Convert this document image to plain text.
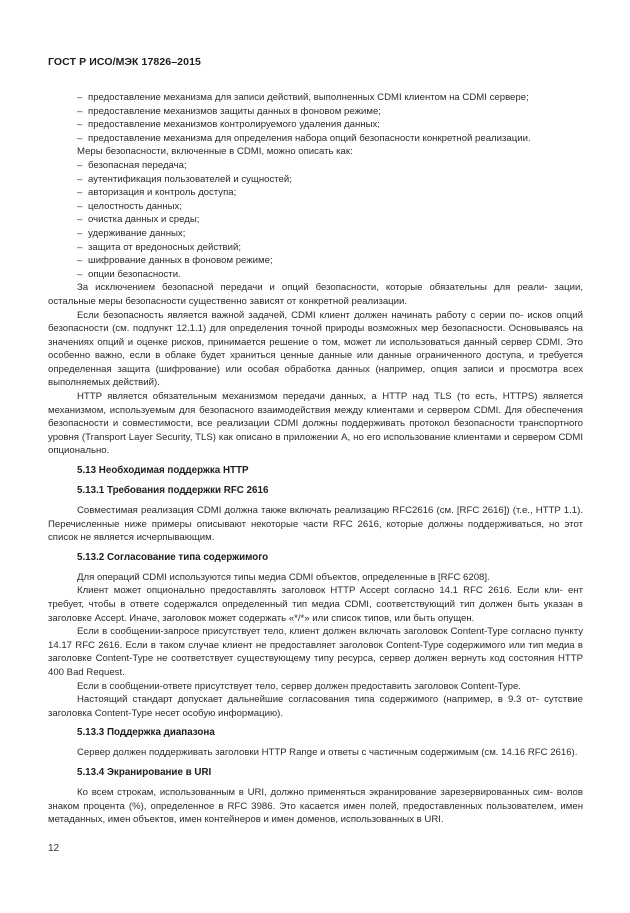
ГОСТ Р ИСО/МЭК 17826–2015
– предоставление механизма для записи действий, выполненных CDMI клиентом на CDMI сервере;
– предоставление механизмов защиты данных в фоновом режиме;
– предоставление механизмов контролируемого удаления данных;
– предоставление механизма для определения набора опций безопасности конкретной реализации.

Меры безопасности, включенные в CDMI, можно описать как:

– безопасная передача;
– аутентификация пользователей и сущностей;
– авторизация и контроль доступа;
– целостность данных;
– очистка данных и среды;
– удерживание данных;
– защита от вредоносных действий;
– шифрование данных в фоновом режиме;
– опции безопасности.

За исключением безопасной передачи и опций безопасности, которые обязательны для реали- зации, остальные меры безопасности существенно зависят от конкретной реализации.

Если безопасность является важной задачей, CDMI клиент должен начинать работу с серии по- исков опций безопасности (см. подпункт 12.1.1) для определения точной природы возможных мер безопасности. Основываясь на значениях опций и оценке рисков, принимается решение о том, может ли использоваться данный сервер CDMI. Это особенно важно, если в облаке будет храниться ценные данные или данные ограниченного доступа, и требуется определенная защита (шифрование) или особая обработка данных (например, опция записи и просмотра всех выполняемых действий).

HTTP является обязательным механизмом передачи данных, а HTTP над TLS (то есть, HTTPS) является механизмом, используемым для безопасного взаимодействия между клиентами и сервером CDMI. Для обеспечения безопасности и совместимости, все реализации CDMI должны поддерживать протокол безопасности транспортного уровня (Transport Layer Security, TLS) как описано в приложении А, но его использование клиентами и сервером CDMI опционально.

5.13 Необходимая поддержка HTTP
5.13.1 Требования поддержки RFC 2616

Совместимая реализация CDMI должна также включать реализацию RFC2616 (см. [RFC 2616]) (т.е., HTTP 1.1). Перечисленные ниже примеры описывают некоторые части RFC 2616, которые должны поддерживаться, но этот список не является исчерпывающим.

5.13.2 Согласование типа содержимого

Для операций CDMI используются типы медиа CDMI объектов, определенные в [RFC 6208].

Клиент может опционально предоставлять заголовок HTTP Accept согласно 14.1 RFC 2616. Если кли- ент требует, чтобы в ответе содержался определенный тип медиа CDMI, соответствующий тип должен быть указан в заголовке Accept. Иначе, заголовок может содержать «*/*» или список типов, или быть опущен.

Если в сообщении-запросе присутствует тело, клиент должен включать заголовок Content-Type согласно пункту 14.17 RFC 2616. Если в таком случае клиент не предоставляет заголовок Content-Type содержимого или тип медиа в заголовке Content-Type не соответствует существующему типу ресурса, сервер должен вернуть код состояния HTTP 400 Bad Request.

Если в сообщении-ответе присутствует тело, сервер должен предоставить заголовок Content-Type.

Настоящий стандарт допускает дальнейшие согласования типа содержимого (например, в 9.3 от- сутствие заголовка Content-Type несет особую информацию).

5.13.3 Поддержка диапазона

Сервер должен поддерживать заголовки HTTP Range и ответы с частичным содержимым (см. 14.16 RFC 2616).

5.13.4 Экранирование в URI

Ко всем строкам, использованным в URI, должно применяться экранирование зарезервированных сим- волов знаком процента (%), определенное в RFC 3986. Это касается имен полей, предоставленных пользователем, имен метаданных, имен объектов, имен контейнеров и имен доменов, использованных в URI.

12
